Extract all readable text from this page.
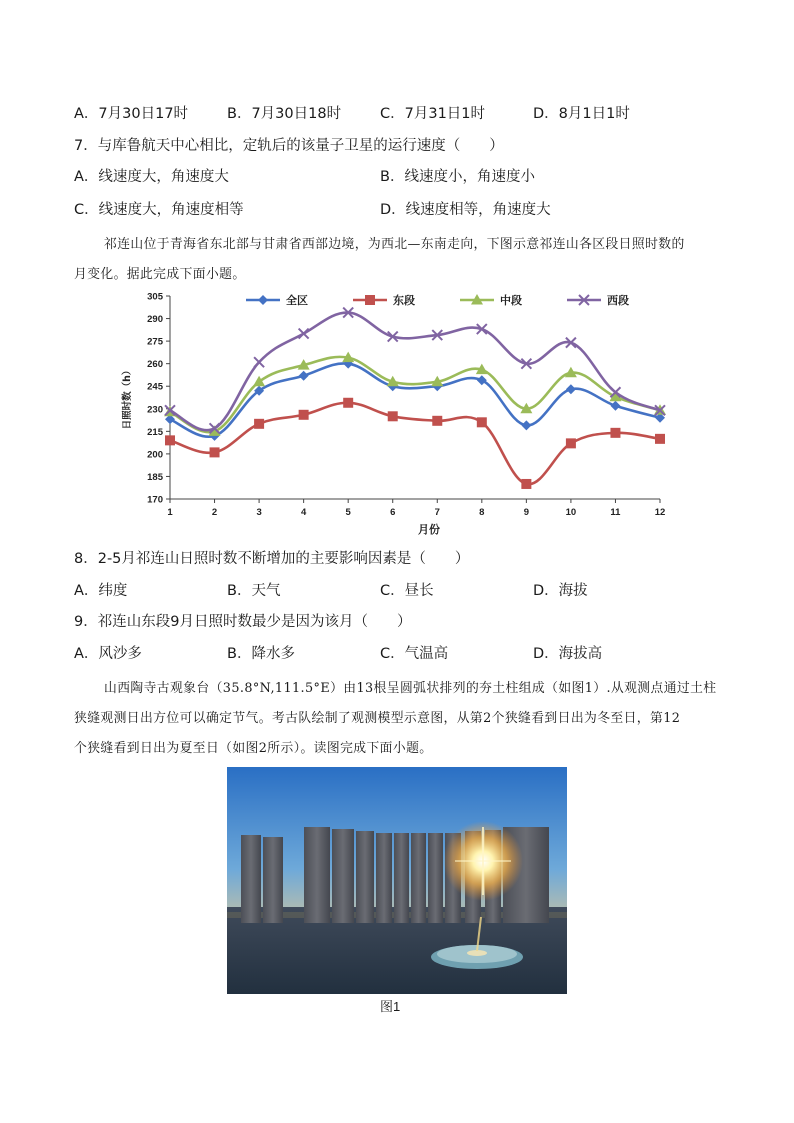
A．7月30日17时	B．7月30日18时	C．7月31日1时	D．8月1日1时
7．与库鲁航天中心相比，定轨后的该量子卫星的运行速度（　　）
A．线速度大，角速度大	B．线速度小，角速度小
C．线速度大，角速度相等	D．线速度相等，角速度大
祁连山位于青海省东北部与甘肃省西部边境，为西北—东南走向，下图示意祁连山各区段日照时数的
月变化。据此完成下面小题。
170
185
200
215
230
245
260
275
290
305
1	2	3	4	5	6	7	8	9	10	11	12
月份
日照时数（h）
全区	东段	中段	西段
8．2-5月祁连山日照时数不断增加的主要影响因素是（　　）
A．纬度	B．天气	C．昼长	D．海拔
9．祁连山东段9月日照时数最少是因为该月（　　）
A．风沙多	B．降水多	C．气温高	D．海拔高
山西陶寺古观象台（35.8°N,111.5°E）由13根呈圆弧状排列的夯土柱组成（如图1）.从观测点通过土柱
狭缝观测日出方位可以确定节气。考古队绘制了观测模型示意图，从第2个狭缝看到日出为冬至日，第12
个狭缝看到日出为夏至日（如图2所示）。读图完成下面小题。
图1
